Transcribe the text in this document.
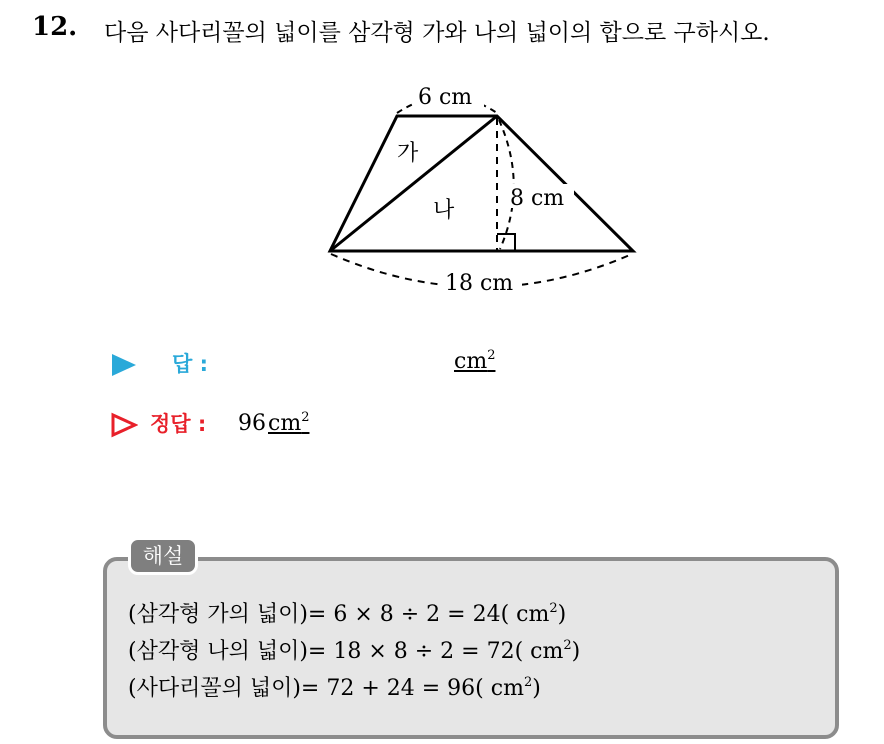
12. 다음 사다리꼴의 넓이를 삼각형 가와 나의 넓이의 합으로 구하시오.
6 cm
8 cm
18 cm
가
나
답 :	$cm^2$
정답 : $96cm^2$
해설
(삼각형 가의 넓이)= 6 × 8 ÷ 2 = 24( $cm^2$)
(삼각형 나의 넓이)= 18 × 8 ÷ 2 = 72( $cm^2$)
(사다리꼴의 넓이)= 72 + 24 = 96( $cm^2$)
